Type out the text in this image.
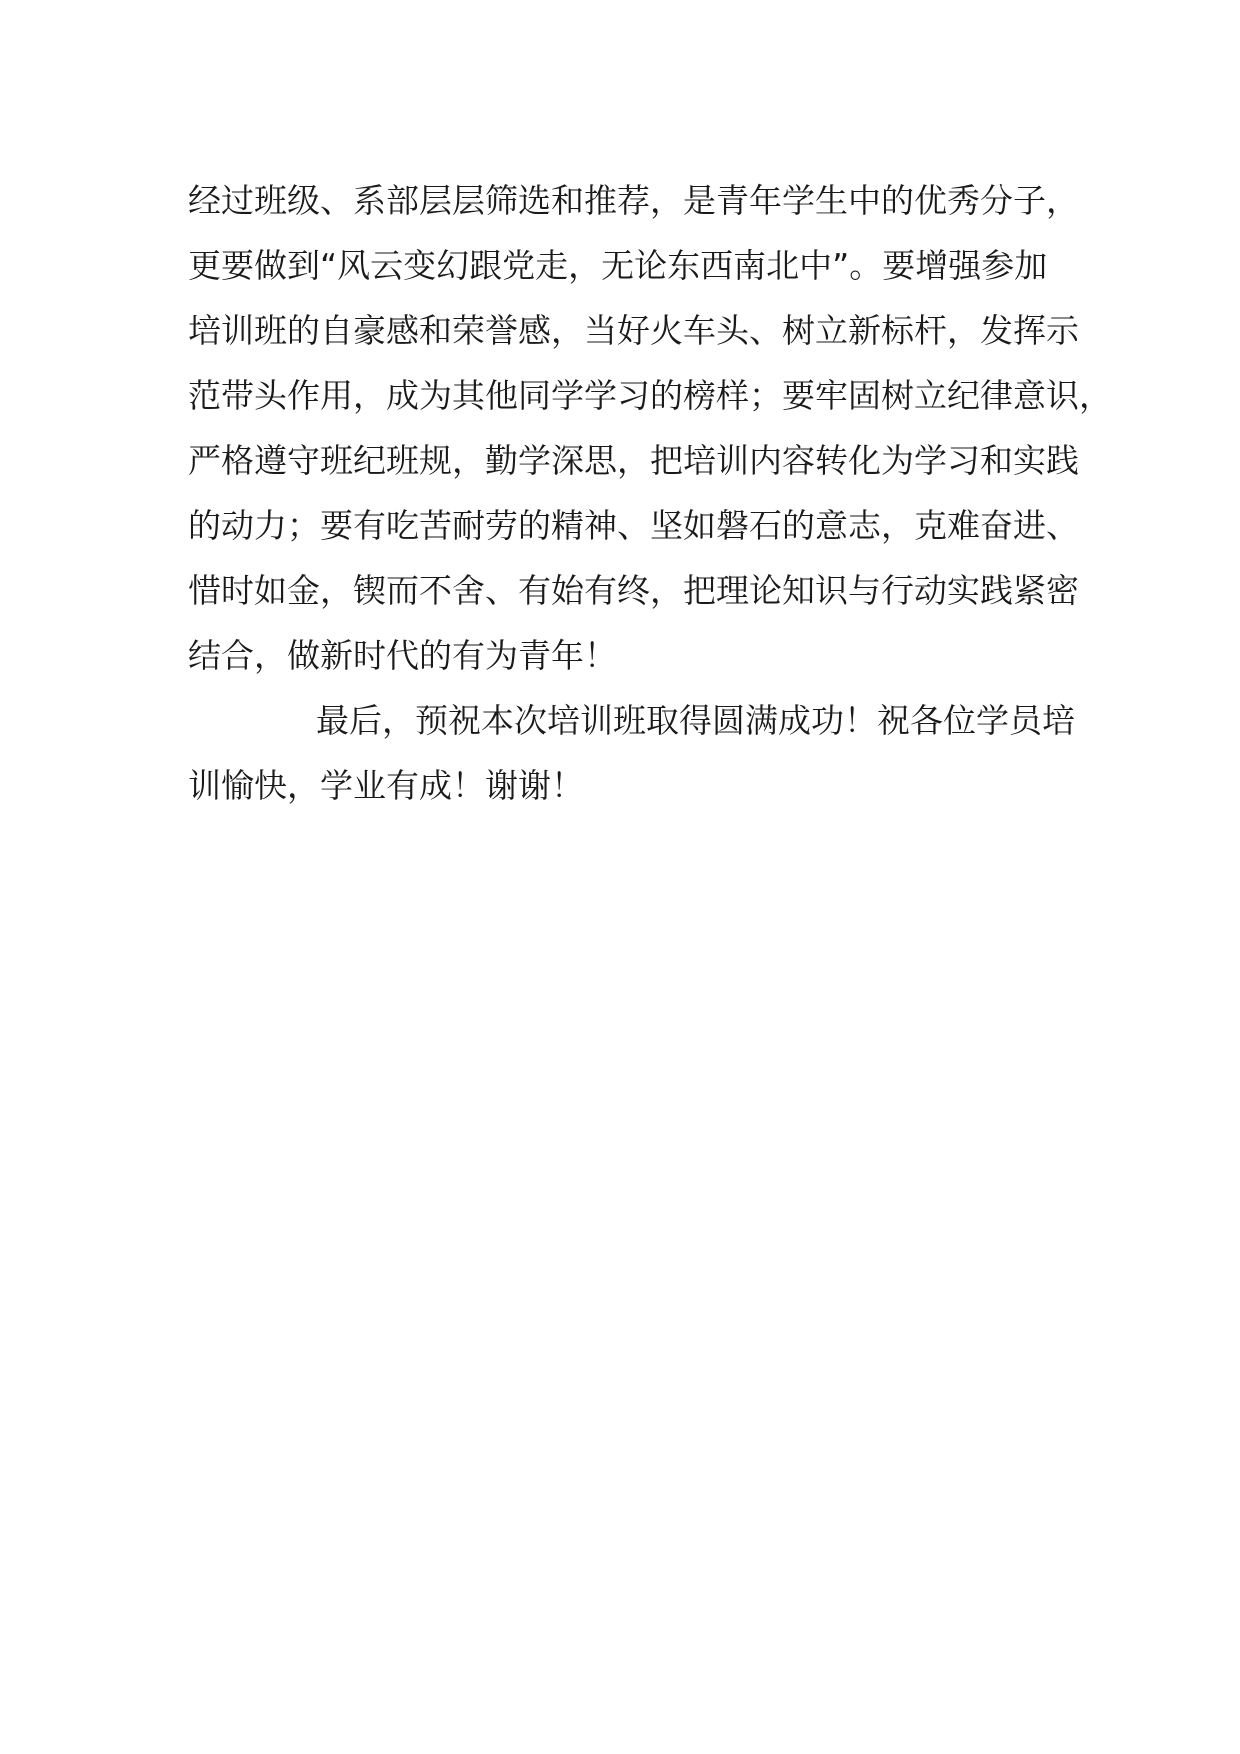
经过班级、系部层层筛选和推荐，是青年学生中的优秀分子，
更要做到“风云变幻跟党走，无论东西南北中”。要增强参加
培训班的自豪感和荣誉感，当好火车头、树立新标杆，发挥示
范带头作用，成为其他同学学习的榜样；要牢固树立纪律意识，
严格遵守班纪班规，勤学深思，把培训内容转化为学习和实践
的动力；要有吃苦耐劳的精神、坚如磐石的意志，克难奋进、
惜时如金，锲而不舍、有始有终，把理论知识与行动实践紧密
结合，做新时代的有为青年！
最后，预祝本次培训班取得圆满成功！祝各位学员培
训愉快，学业有成！谢谢！
